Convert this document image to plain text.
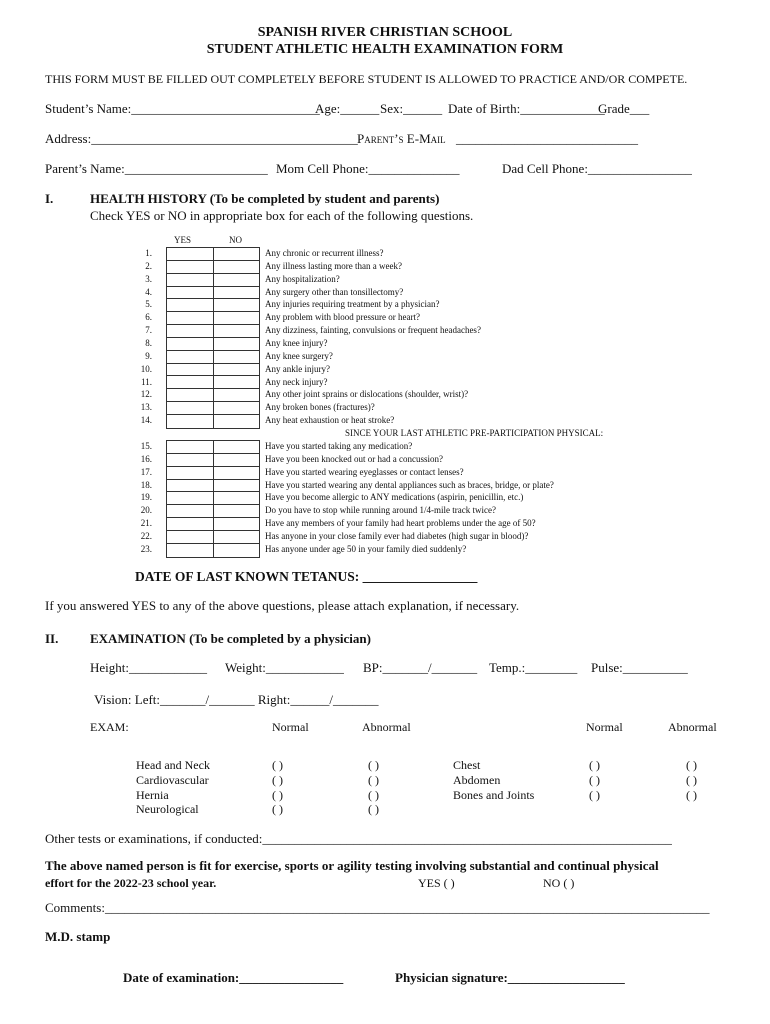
SPANISH RIVER CHRISTIAN SCHOOL
STUDENT ATHLETIC HEALTH EXAMINATION FORM
THIS FORM MUST BE FILLED OUT COMPLETELY BEFORE STUDENT IS ALLOWED TO PRACTICE AND/OR COMPETE.
Student’s Name:_____________________________
Age:______ Sex:______ Date of Birth:_____________
Grade___
Address:_________________________________________ Parent’s E-Mail ____________________________
Parent’s Name:______________________ Mom Cell Phone:______________	Dad Cell Phone:________________
I.	HEALTH HISTORY (To be completed by student and parents)
Check YES or NO in appropriate box for each of the following questions.
YES	NO
1.	Any chronic or recurrent illness?
2.	Any illness lasting more than a week?
3.	Any hospitalization?
4.	Any surgery other than tonsillectomy?
5.	Any injuries requiring treatment by a physician?
6.	Any problem with blood pressure or heart?
7.	Any dizziness, fainting, convulsions or frequent headaches?
8.	Any knee injury?
9.	Any knee surgery?
10.	Any ankle injury?
11.	Any neck injury?
12.	Any other joint sprains or dislocations (shoulder, wrist)?
13.	Any broken bones (fractures)?
14.	Any heat exhaustion or heat stroke?
SINCE YOUR LAST ATHLETIC PRE-PARTICIPATION PHYSICAL:
15.	Have you started taking any medication?
16.	Have you been knocked out or had a concussion?
17.	Have you started wearing eyeglasses or contact lenses?
18.	Have you started wearing any dental appliances such as braces, bridge, or plate?
19.	Have you become allergic to ANY medications (aspirin, penicillin, etc.)
20.	Do you have to stop while running around 1/4-mile track twice?
21.	Have any members of your family had heart problems under the age of 50?
22.	Has anyone in your close family ever had diabetes (high sugar in blood)?
23.	Has anyone under age 50 in your family died suddenly?
DATE OF LAST KNOWN TETANUS: _________________
If you answered YES to any of the above questions, please attach explanation, if necessary.
II. EXAMINATION (To be completed by a physician)
Height:____________ Weight:____________ BP:_______/_______ Temp.:________ Pulse:__________
Vision: Left:_______/_______ Right:______/_______
EXAM:	Normal	Abnormal	Normal	Abnormal
Head and Neck	( )	( )
Cardiovascular	( )	( )
Hernia	( )	( )
Neurological	( )	( )
Chest	( )	( )
Abdomen	( )	( )
Bones and Joints	( )	( )
Other tests or examinations, if conducted:_______________________________________________________________
The above named person is fit for exercise, sports or agility testing involving substantial and continual physical
effort for the 2022-23 school year.	YES ( )	NO ( )
Comments:_____________________________________________________________________________________________
M.D. stamp
Date of examination:________________	Physician signature:__________________
